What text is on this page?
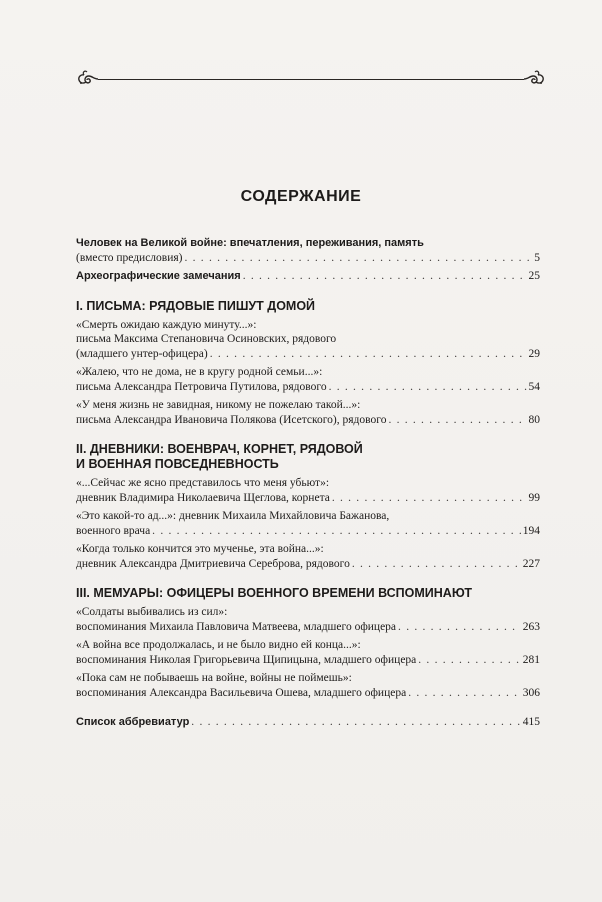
СОДЕРЖАНИЕ
Человек на Великой войне: впечатления, переживания, память
(вместо предисловия) . . .	5
Археографические замечания . . .	25
I. ПИСЬМА: РЯДОВЫЕ ПИШУТ ДОМОЙ
«Смерть ожидаю каждую минуту...»:
письма Максима Степановича Осиновских, рядового
(младшего унтер-офицера) . . .	29
«Жалею, что не дома, не в кругу родной семьи...»:
письма Александра Петровича Путилова, рядового . . .	54
«У меня жизнь не завидная, никому не пожелаю такой...»:
письма Александра Ивановича Полякова (Исетского), рядового . . .	80
II. ДНЕВНИКИ: ВОЕНВРАЧ, КОРНЕТ, РЯДОВОЙ
И ВОЕННАЯ ПОВСЕДНЕВНОСТЬ
«...Сейчас же ясно представилось что меня убьют»:
дневник Владимира Николаевича Щеглова, корнета . . .	99
«Это какой-то ад...»: дневник Михаила Михайловича Бажанова,
военного врача . . .	194
«Когда только кончится это мученье, эта война...»:
дневник Александра Дмитриевича Сереброва, рядового . . .	227
III. МЕМУАРЫ: ОФИЦЕРЫ ВОЕННОГО ВРЕМЕНИ ВСПОМИНАЮТ
«Солдаты выбивались из сил»:
воспоминания Михаила Павловича Матвеева, младшего офицера . . .	263
«А война все продолжалась, и не было видно ей конца...»:
воспоминания Николая Григорьевича Щипицына, младшего офицера . . .	281
«Пока сам не побываешь на войне, войны не поймешь»:
воспоминания Александра Васильевича Ошева, младшего офицера . . .	306
Список аббревиатур . . .	415
